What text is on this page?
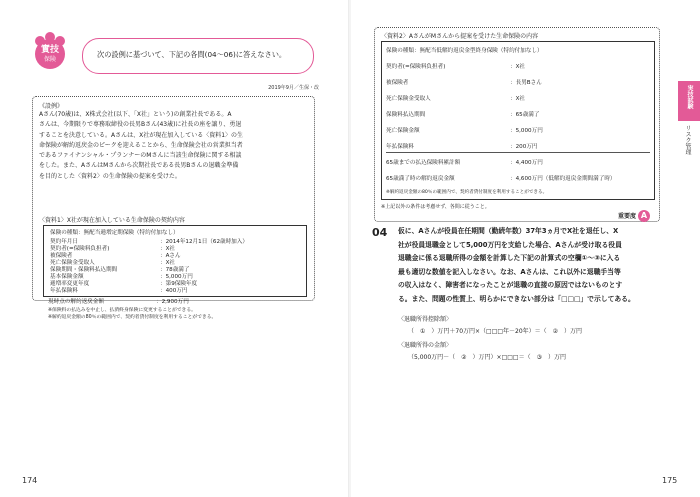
實技
保険
次の設例に基づいて、下記の各問(04～06)に答えなさい。
2019年9月／生保・改
《設例》
Aさん(70歳)は、X株式会社(以下、「X社」という)の創業社長である。A
さんは、今期限りで専務取締役の長男Bさん(43歳)に社長の座を譲り、勇退
することを決意している。Aさんは、X社が現在加入している〈資料1〉の生
命保険が解約返戻金のピークを迎えることから、生命保険会社の営業担当者
であるファイナンシャル・プランナーのMさんに当該生命保険に関する相談
をした。また、AさんはMさんから次期社長である長男Bさんの退職金準備
を目的とした〈資料2〉の生命保険の提案を受けた。
〈資料1〉X社が現在加入している生命保険の契約内容
保険の種類：無配当逓増定期保険（特約付加なし）
契約年月日	：2014年12月1日（62歳時加入）
契約者(=保険料負担者)	：X社
被保険者	：Aさん
死亡保険金受取人	：X社
保険期間・保険料払込期間	：78歳満了
基本保険金額	：5,000万円
逓増率変更年度	：第9保険年度
年払保険料	：400万円
現時点の解約返戻金額	：2,900万円
※保険料の払込みを中止し、払済終身保険に変更することができる。
※解約返戻金額の80％の範囲内で、契約者貸付制度を利用することができる。
174
〈資料2〉AさんがMさんから提案を受けた生命保険の内容
保険の種類：無配当低解約返戻金型終身保険（特約付加なし）
契約者(=保険料負担者)	：X社
被保険者	：長男Bさん
死亡保険金受取人	：X社
保険料払込期間	：65歳満了
死亡保険金額	：5,000万円
年払保険料	：200万円
65歳までの払込保険料累計額	：4,400万円
65歳満了時の解約返戻金額	：4,600万円（低解約返戻金期間満了時）
※解約返戻金額の80％の範囲内で、契約者貸付制度を利用することができる。
※上記以外の条件は考慮せず、各問に従うこと。
実技試験
リスク管理
重要度 A
04 仮に、Aさんが役員在任期間（勤続年数）37年3ヵ月でX社を退任し、X
社が役員退職金として5,000万円を支給した場合、Aさんが受け取る役員
退職金に係る退職所得の金額を計算した下記の計算式の空欄①～③に入る
最も適切な数値を記入しなさい。なお、Aさんは、これ以外に退職手当等
の収入はなく、障害者になったことが退職の直接の原因ではないものとす
る。また、問題の性質上、明らかにできない部分は「□□□」で示してある。
〈退職所得控除額〉
（　①　）万円＋70万円×（□□□年－20年）＝（　②　）万円
〈退職所得の金額〉
（5,000万円－（　②　）万円）×□□□＝（　③　）万円
175
